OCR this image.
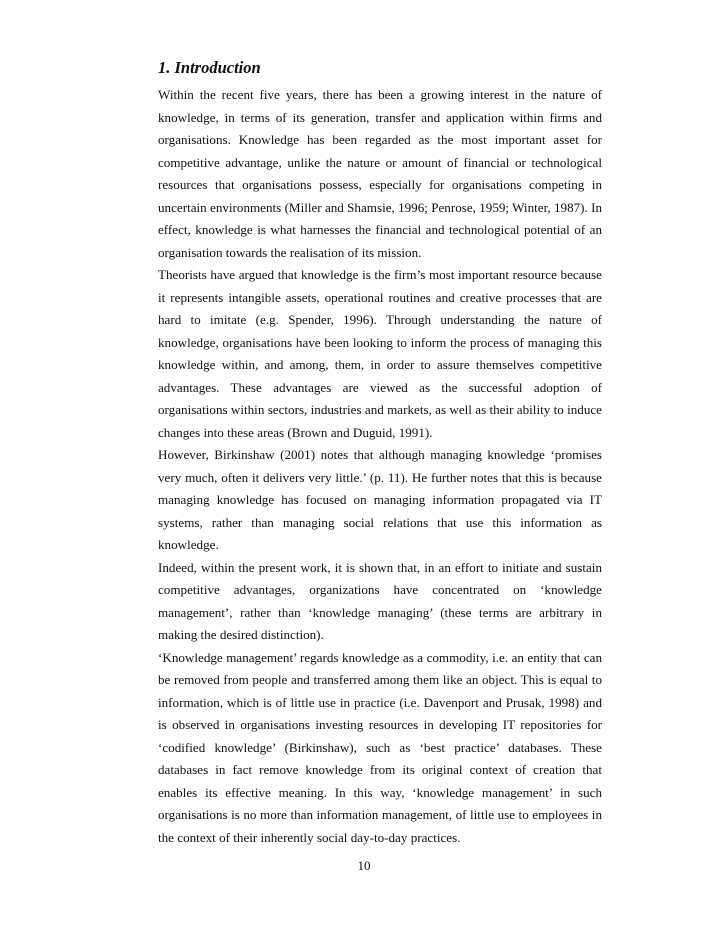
1. Introduction

Within the recent five years, there has been a growing interest in the nature of knowledge, in terms of its generation, transfer and application within firms and organisations. Knowledge has been regarded as the most important asset for competitive advantage, unlike the nature or amount of financial or technological resources that organisations possess, especially for organisations competing in uncertain environments (Miller and Shamsie, 1996; Penrose, 1959; Winter, 1987). In effect, knowledge is what harnesses the financial and technological potential of an organisation towards the realisation of its mission.

Theorists have argued that knowledge is the firm’s most important resource because it represents intangible assets, operational routines and creative processes that are hard to imitate (e.g. Spender, 1996). Through understanding the nature of knowledge, organisations have been looking to inform the process of managing this knowledge within, and among, them, in order to assure themselves competitive advantages. These advantages are viewed as the successful adoption of organisations within sectors, industries and markets, as well as their ability to induce changes into these areas (Brown and Duguid, 1991).

However, Birkinshaw (2001) notes that although managing knowledge ‘promises very much, often it delivers very little.’ (p. 11). He further notes that this is because managing knowledge has focused on managing information propagated via IT systems, rather than managing social relations that use this information as knowledge.

Indeed, within the present work, it is shown that, in an effort to initiate and sustain competitive advantages, organizations have concentrated on ‘knowledge management’, rather than ‘knowledge managing’ (these terms are arbitrary in making the desired distinction).

‘Knowledge management’ regards knowledge as a commodity, i.e. an entity that can be removed from people and transferred among them like an object. This is equal to information, which is of little use in practice (i.e. Davenport and Prusak, 1998) and is observed in organisations investing resources in developing IT repositories for ‘codified knowledge’ (Birkinshaw), such as ‘best practice’ databases. These databases in fact remove knowledge from its original context of creation that enables its effective meaning. In this way, ‘knowledge management’ in such organisations is no more than information management, of little use to employees in the context of their inherently social day-to-day practices.

10
